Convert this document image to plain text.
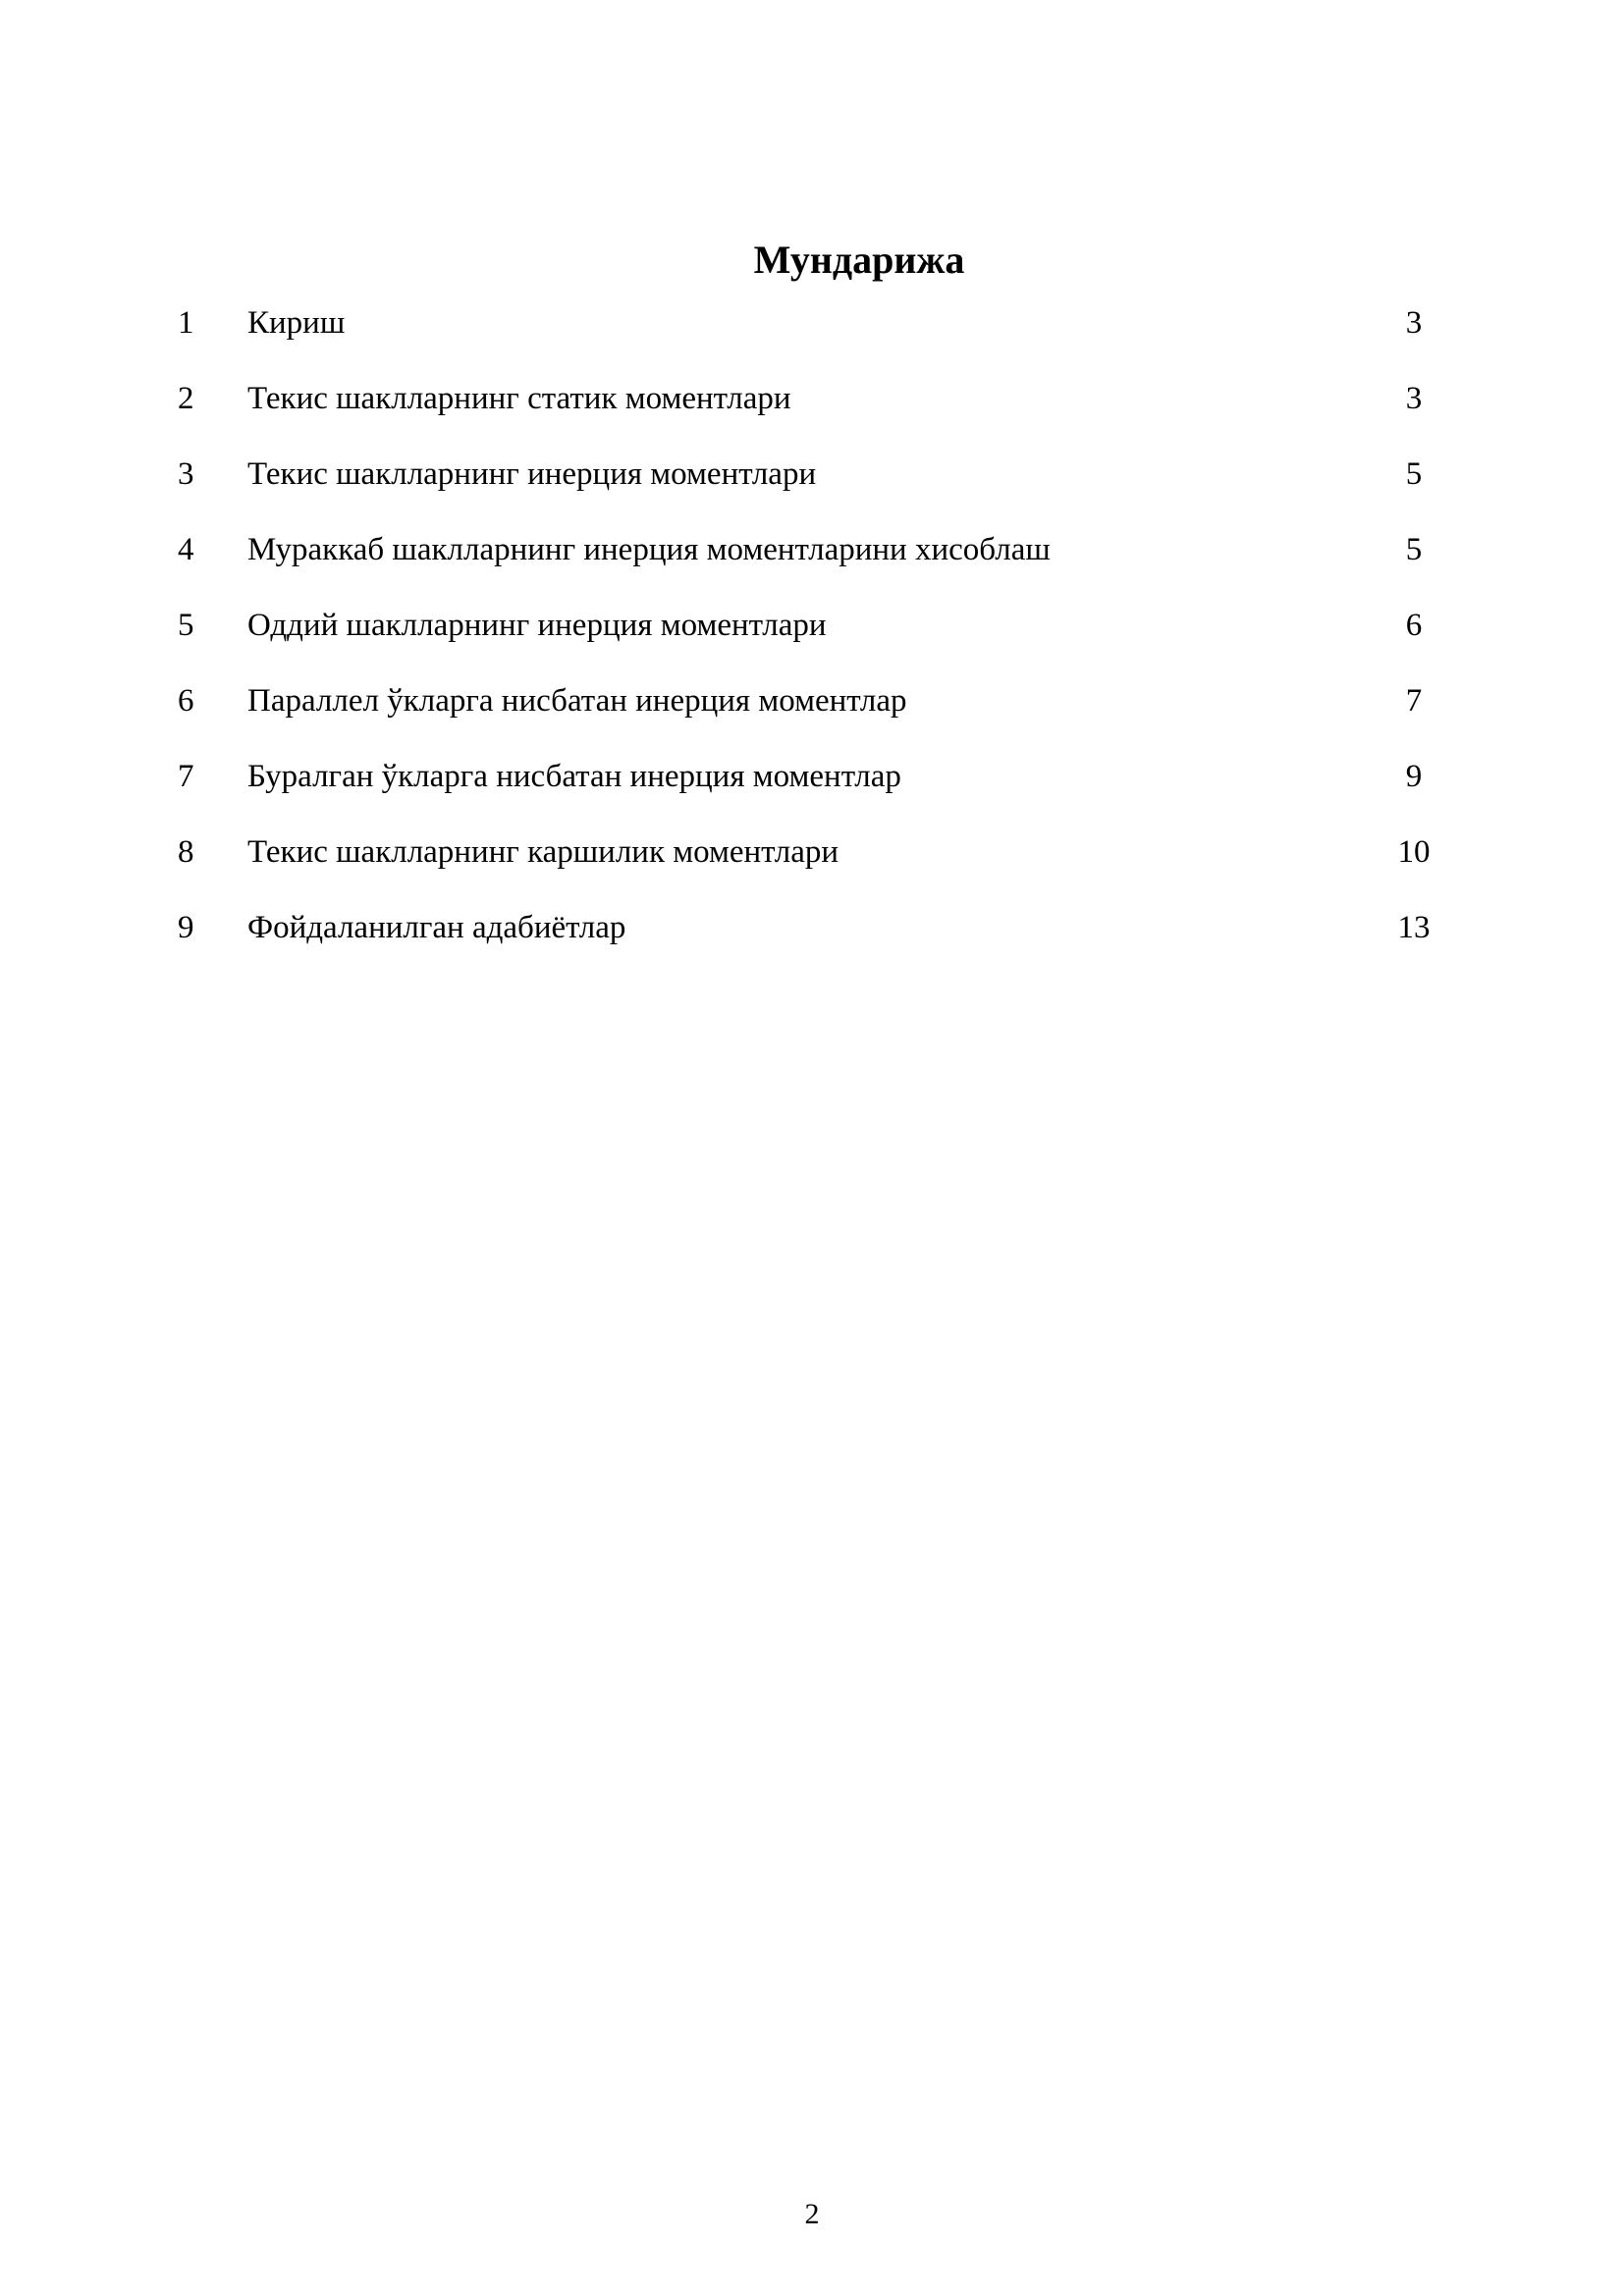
Мундарижа
1 Кириш	3
2 Текис шаклларнинг статик моментлари	3
3 Текис шаклларнинг инерция моментлари	5
4 Мураккаб шаклларнинг инерция моментларини хисоблаш	5
5 Оддий шаклларнинг инерция моментлари	6
6 Параллел ўкларга нисбатан инерция моментлар	7
7 Буралган ўкларга нисбатан инерция моментлар	9
8 Текис шаклларнинг каршилик моментлари	10
9 Фойдаланилган адабиётлар	13
2
